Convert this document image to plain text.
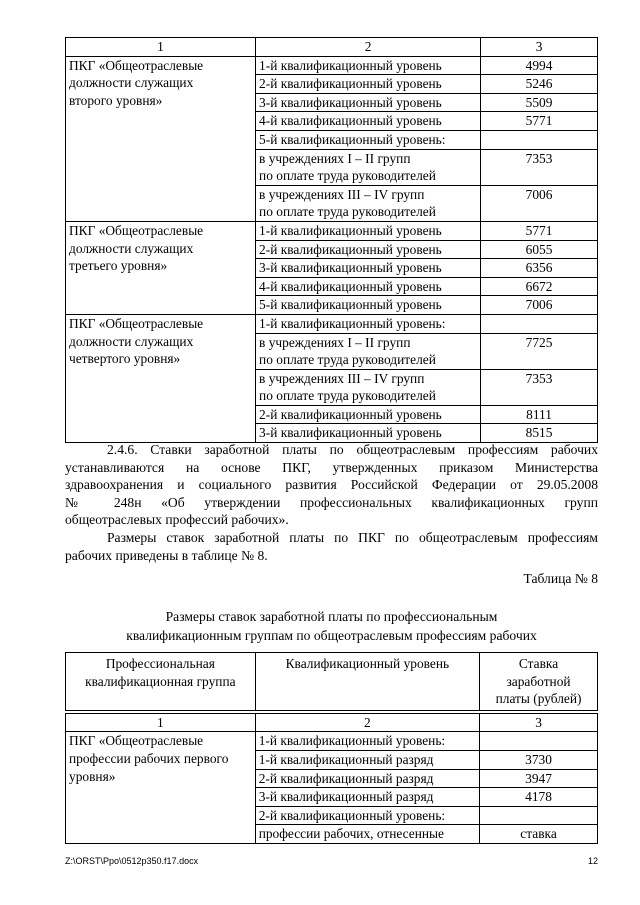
1	2	3

ПКГ «Общеотраслевые
должности служащих
второго уровня»	1-й квалификационный уровень	4994

	2-й квалификационный уровень	5246

	3-й квалификационный уровень	5509

	4-й квалификационный уровень	5771

	5-й квалификационный уровень:	

	в учреждениях I – II групп
по оплате труда руководителей	7353

	в учреждениях III – IV групп
по оплате труда руководителей	7006

ПКГ «Общеотраслевые
должности служащих
третьего уровня»	1-й квалификационный уровень	5771

	2-й квалификационный уровень	6055

	3-й квалификационный уровень	6356

	4-й квалификационный уровень	6672

	5-й квалификационный уровень	7006

ПКГ «Общеотраслевые
должности служащих
четвертого уровня»	1-й квалификационный уровень:	

	в учреждениях I – II групп
по оплате труда руководителей	7725

	в учреждениях III – IV групп
по оплате труда руководителей	7353

	2-й квалификационный уровень	8111

	3-й квалификационный уровень	8515

2.4.6. Ставки заработной платы по общеотраслевым профессиям рабочих
устанавливаются на основе ПКГ, утвержденных приказом Министерства
здравоохранения и социального развития Российской Федерации от 29.05.2008
№ 248н «Об утверждении профессиональных квалификационных групп
общеотраслевых профессий рабочих».

Размеры ставок заработной платы по ПКГ по общеотраслевым профессиям
рабочих приведены в таблице № 8.

Таблица № 8
Размеры ставок заработной платы по профессиональным
квалификационным группам по общеотраслевым профессиям рабочих
Профессиональная
квалификационная группа	Квалификационный уровень	Ставка
заработной
платы (рублей)

1	2	3

ПКГ «Общеотраслевые
профессии рабочих первого
уровня»	1-й квалификационный уровень:	
	1-й квалификационный разряд	3730
	2-й квалификационный разряд	3947
	3-й квалификационный разряд	4178
	2-й квалификационный уровень:	
	профессии рабочих, отнесенные	ставка
Z:\ORST\Ppo\0512p350.f17.docx	12
